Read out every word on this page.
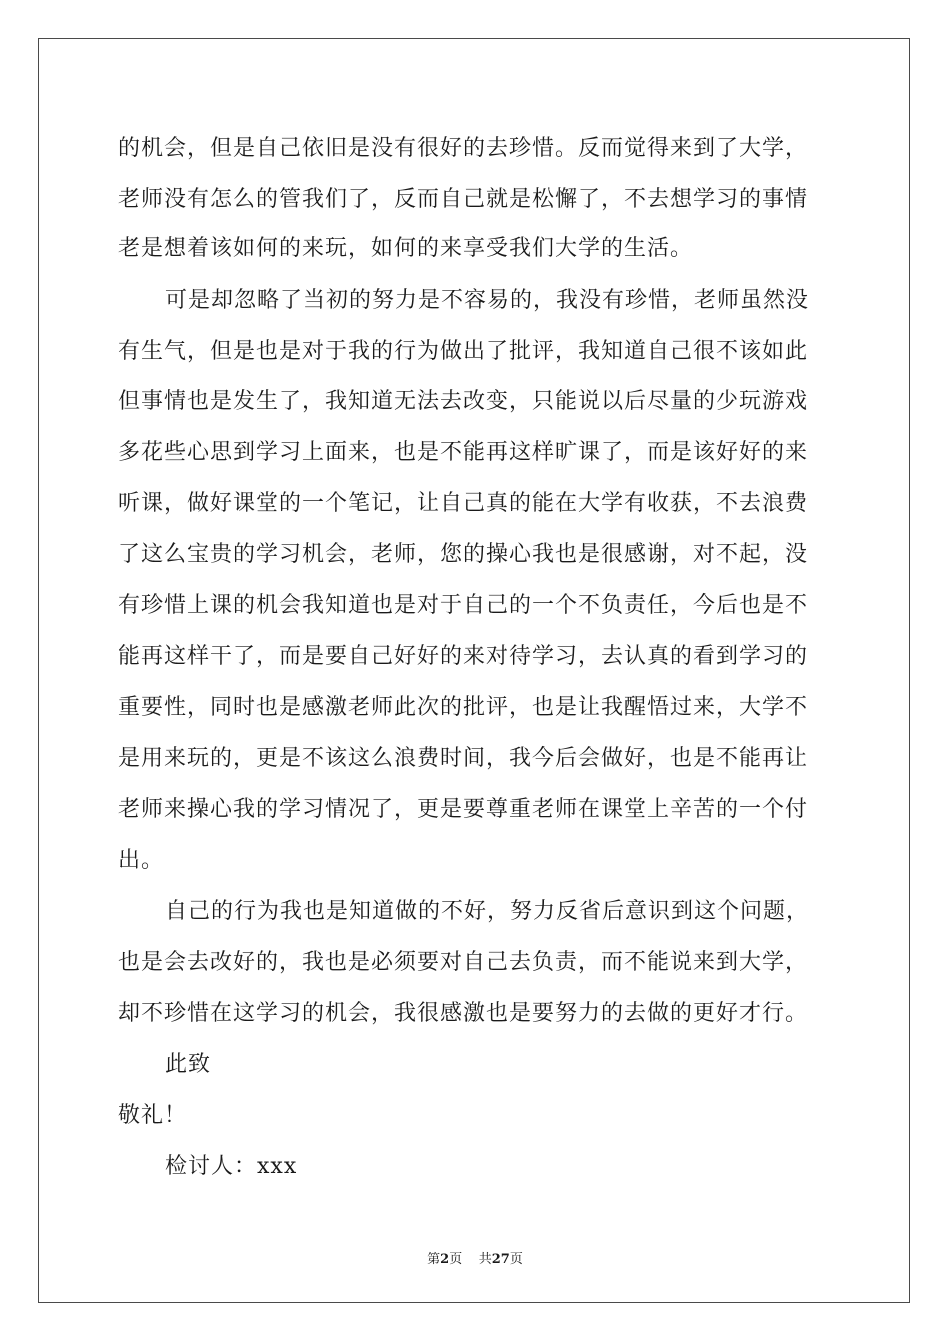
的机会，但是自己依旧是没有很好的去珍惜。反而觉得来到了大学，
老师没有怎么的管我们了，反而自己就是松懈了，不去想学习的事情
老是想着该如何的来玩，如何的来享受我们大学的生活。
可是却忽略了当初的努力是不容易的，我没有珍惜，老师虽然没
有生气，但是也是对于我的行为做出了批评，我知道自己很不该如此
但事情也是发生了，我知道无法去改变，只能说以后尽量的少玩游戏
多花些心思到学习上面来，也是不能再这样旷课了，而是该好好的来
听课，做好课堂的一个笔记，让自己真的能在大学有收获，不去浪费
了这么宝贵的学习机会，老师，您的操心我也是很感谢，对不起，没
有珍惜上课的机会我知道也是对于自己的一个不负责任，今后也是不
能再这样干了，而是要自己好好的来对待学习，去认真的看到学习的
重要性，同时也是感激老师此次的批评，也是让我醒悟过来，大学不
是用来玩的，更是不该这么浪费时间，我今后会做好，也是不能再让
老师来操心我的学习情况了，更是要尊重老师在课堂上辛苦的一个付
出。
自己的行为我也是知道做的不好，努力反省后意识到这个问题，
也是会去改好的，我也是必须要对自己去负责，而不能说来到大学，
却不珍惜在这学习的机会，我很感激也是要努力的去做的更好才行。
此致
敬礼！
检讨人：xxx
第2页 共27页
